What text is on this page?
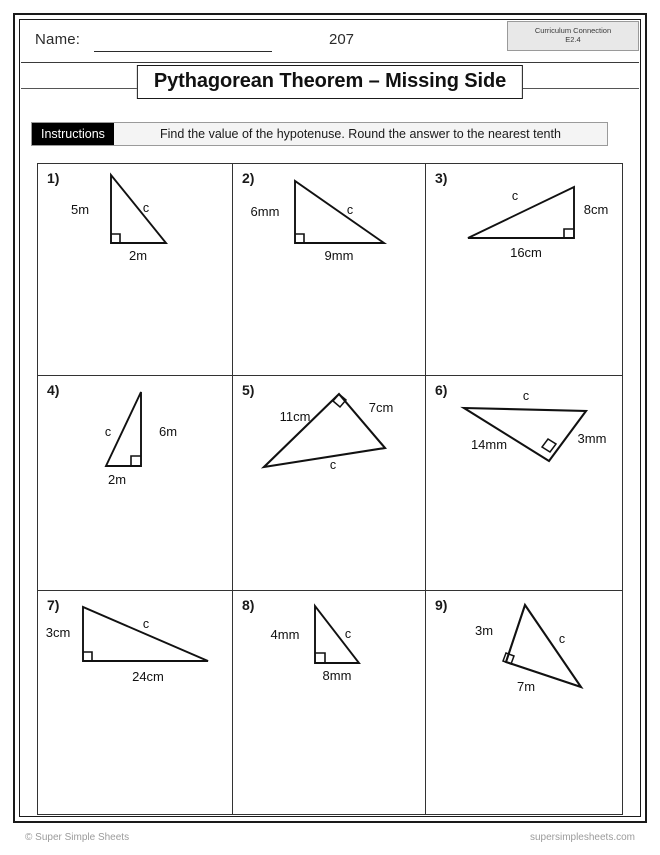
Name:	207
Curriculum Connection
E2.4
Pythagorean Theorem – Missing Side
Instructions	Find the value of the hypotenuse. Round the answer to the nearest tenth
1)
5m
2m
c
2)
6mm
9mm
c
3)
8cm
16cm
c
4)
6m
2m
c
5)
11cm
7cm
c
6)
14mm	3mm
c
7)
3cm
24cm
c
8)
4mm
8mm
c
9)
3m
7m
c
© Super Simple Sheets	supersimplesheets.com
